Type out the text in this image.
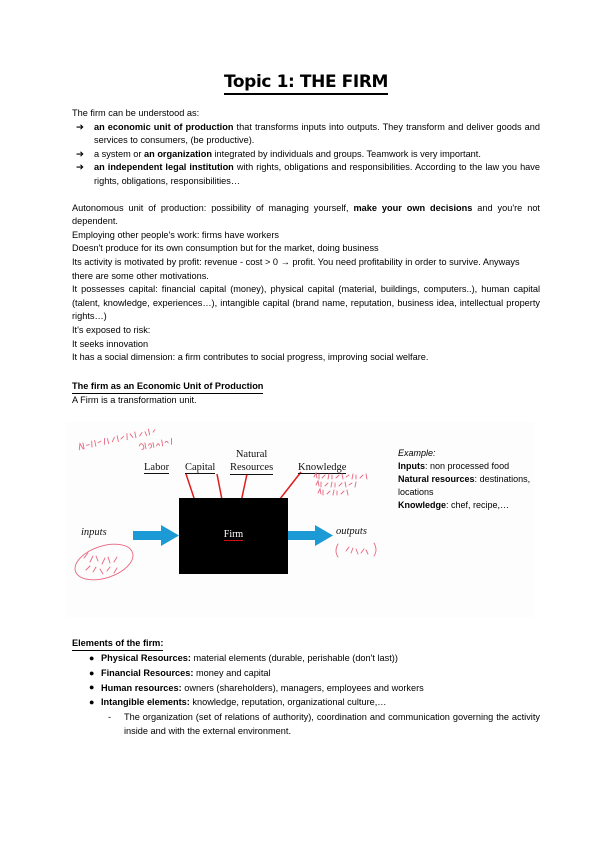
Topic 1: THE FIRM

The firm can be understood as:

➔ an economic unit of production that transforms inputs into outputs. They transform and deliver goods and services to consumers, (be productive).
➔ a system or an organization integrated by individuals and groups. Teamwork is very important.
➔ an independent legal institution with rights, obligations and responsibilities. According to the law you have rights, obligations, responsibilities…

Autonomous unit of production: possibility of managing yourself, make your own decisions and you're not dependent.

Employing other people's work: firms have workers

Doesn't produce for its own consumption but for the market, doing business

Its activity is motivated by profit: revenue - cost > 0 → profit. You need profitability in order to survive. Anyways there are some other motivations.

It possesses capital: financial capital (money), physical capital (material, buildings, computers..), human capital (talent, knowledge, experiences…), intangible capital (brand name, reputation, business idea, intellectual property rights…)

It's exposed to risk:

It seeks innovation

It has a social dimension: a firm contributes to social progress, improving social welfare.

The firm as an Economic Unit of Production

A Firm is a transformation unit.

Firm
Labor Capital
Natural
Resources Knowledge
inputs	outputs
Example:
Inputs: non processed food
Natural resources: destinations, locations
Knowledge: chef, recipe,…
Elements of the firm:
● Physical Resources: material elements (durable, perishable (don't last))
● Financial Resources: money and capital
● Human resources: owners (shareholders), managers, employees and workers
● Intangible elements: knowledge, reputation, organizational culture,…
- The organization (set of relations of authority), coordination and communication governing the activity inside and with the external environment.
